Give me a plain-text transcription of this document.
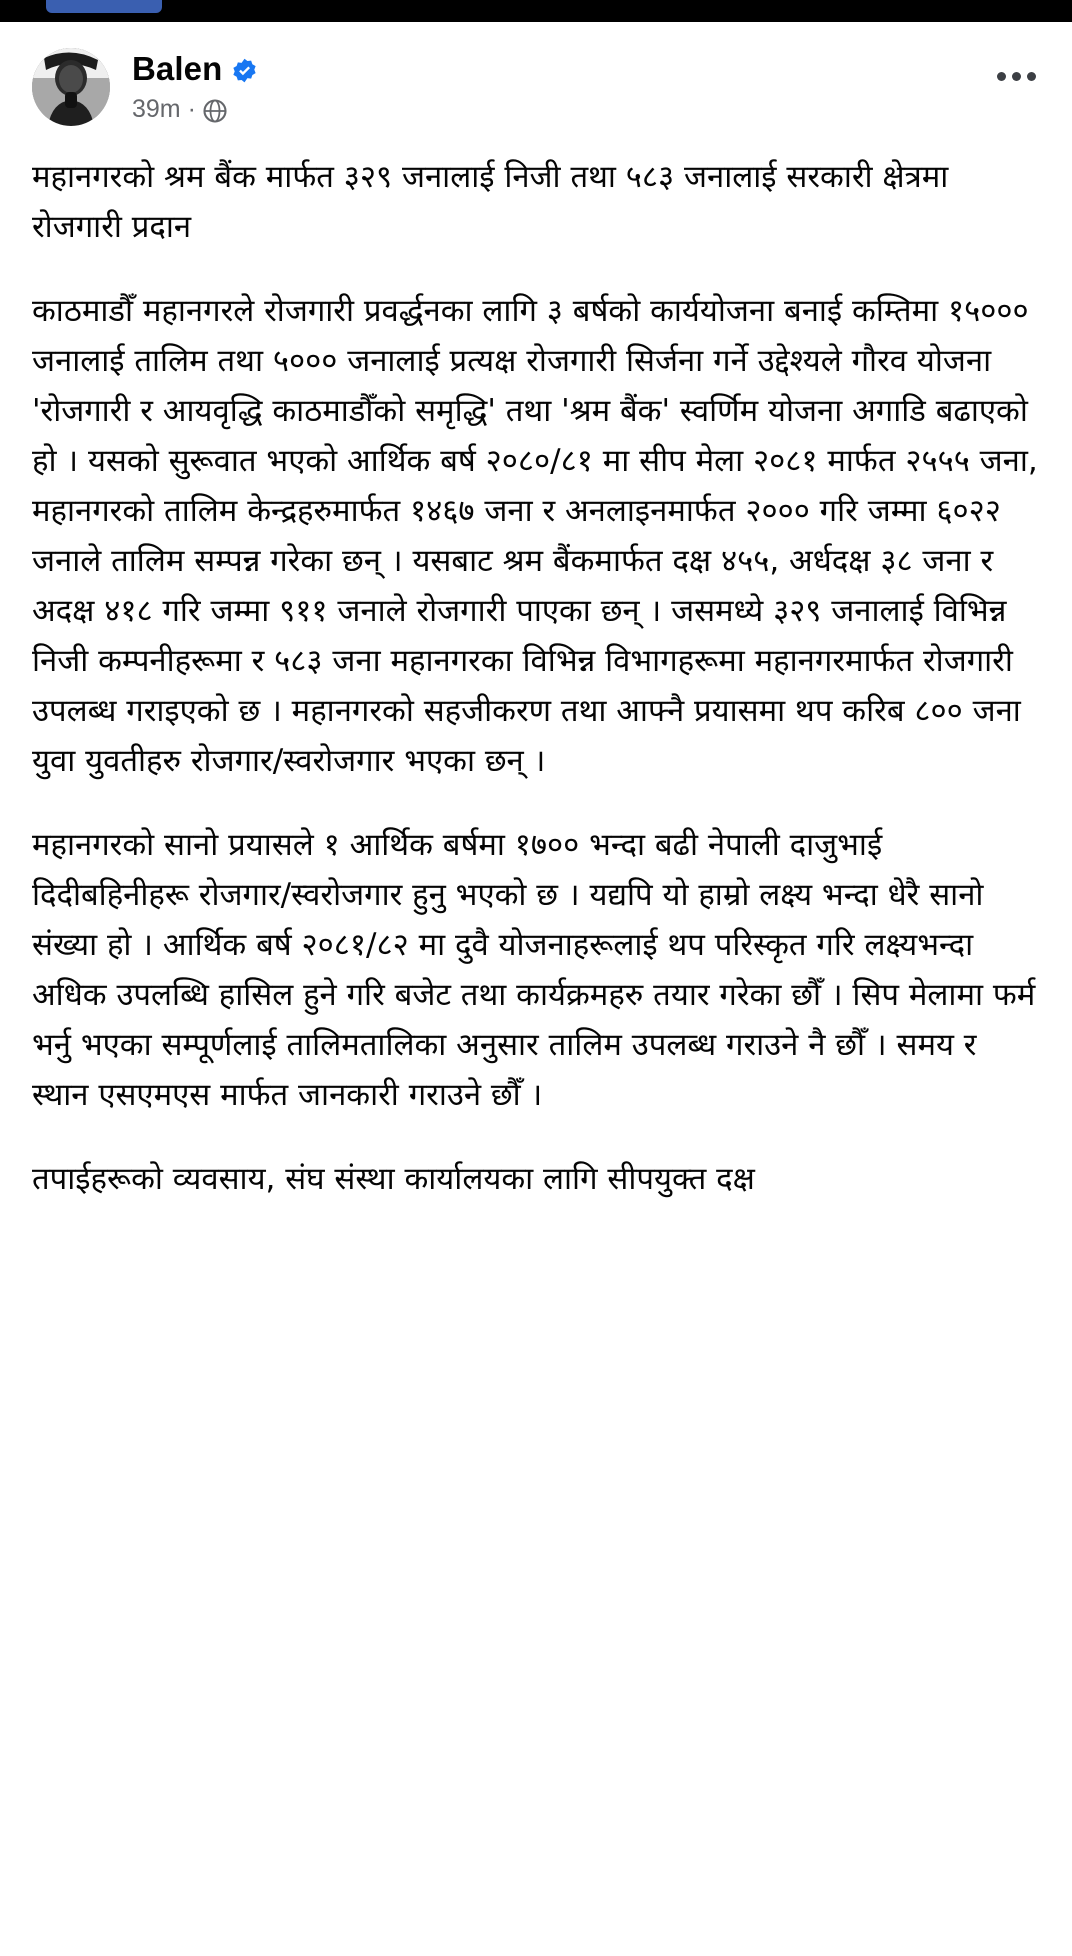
Balen
39m ·

महानगरको श्रम बैंक मार्फत ३२९ जनालाई निजी तथा ५८३ जनालाई सरकारी क्षेत्रमा रोजगारी प्रदान

काठमाडौँ महानगरले रोजगारी प्रवर्द्धनका लागि ३ बर्षको कार्ययोजना बनाई कम्तिमा १५००० जनालाई तालिम तथा ५००० जनालाई प्रत्यक्ष रोजगारी सिर्जना गर्ने उद्देश्यले गौरव योजना 'रोजगारी र आयवृद्धि काठमाडौँको समृद्धि' तथा 'श्रम बैंक' स्वर्णिम योजना अगाडि बढाएको हो । यसको सुरूवात भएको आर्थिक बर्ष २०८०/८१ मा सीप मेला २०८१ मार्फत २५५५ जना, महानगरको तालिम केन्द्रहरुमार्फत १४६७ जना र अनलाइनमार्फत २००० गरि जम्मा ६०२२ जनाले तालिम सम्पन्न गरेका छन् । यसबाट श्रम बैंकमार्फत दक्ष ४५५, अर्धदक्ष ३८ जना र अदक्ष ४१८ गरि जम्मा ९११ जनाले रोजगारी पाएका छन् । जसमध्ये ३२९ जनालाई विभिन्न निजी कम्पनीहरूमा र ५८३ जना महानगरका विभिन्न विभागहरूमा महानगरमार्फत रोजगारी उपलब्ध गराइएको छ । महानगरको सहजीकरण तथा आफ्नै प्रयासमा थप करिब ८०० जना युवा युवतीहरु रोजगार/स्वरोजगार भएका छन् ।

महानगरको सानो प्रयासले १ आर्थिक बर्षमा १७०० भन्दा बढी नेपाली दाजुभाई दिदीबहिनीहरू रोजगार/स्वरोजगार हुनु भएको छ । यद्यपि यो हाम्रो लक्ष्य भन्दा धेरै सानो संख्या हो । आर्थिक बर्ष २०८१/८२ मा दुवै योजनाहरूलाई थप परिस्कृत गरि लक्ष्यभन्दा अधिक उपलब्धि हासिल हुने गरि बजेट तथा कार्यक्रमहरु तयार गरेका छौँ । सिप मेलामा फर्म भर्नु भएका सम्पूर्णलाई तालिमतालिका अनुसार तालिम उपलब्ध गराउने नै छौँ । समय र स्थान एसएमएस मार्फत जानकारी गराउने छौँ ।

तपाईहरूको व्यवसाय, संघ संस्था कार्यालयका लागि सीपयुक्त दक्ष
